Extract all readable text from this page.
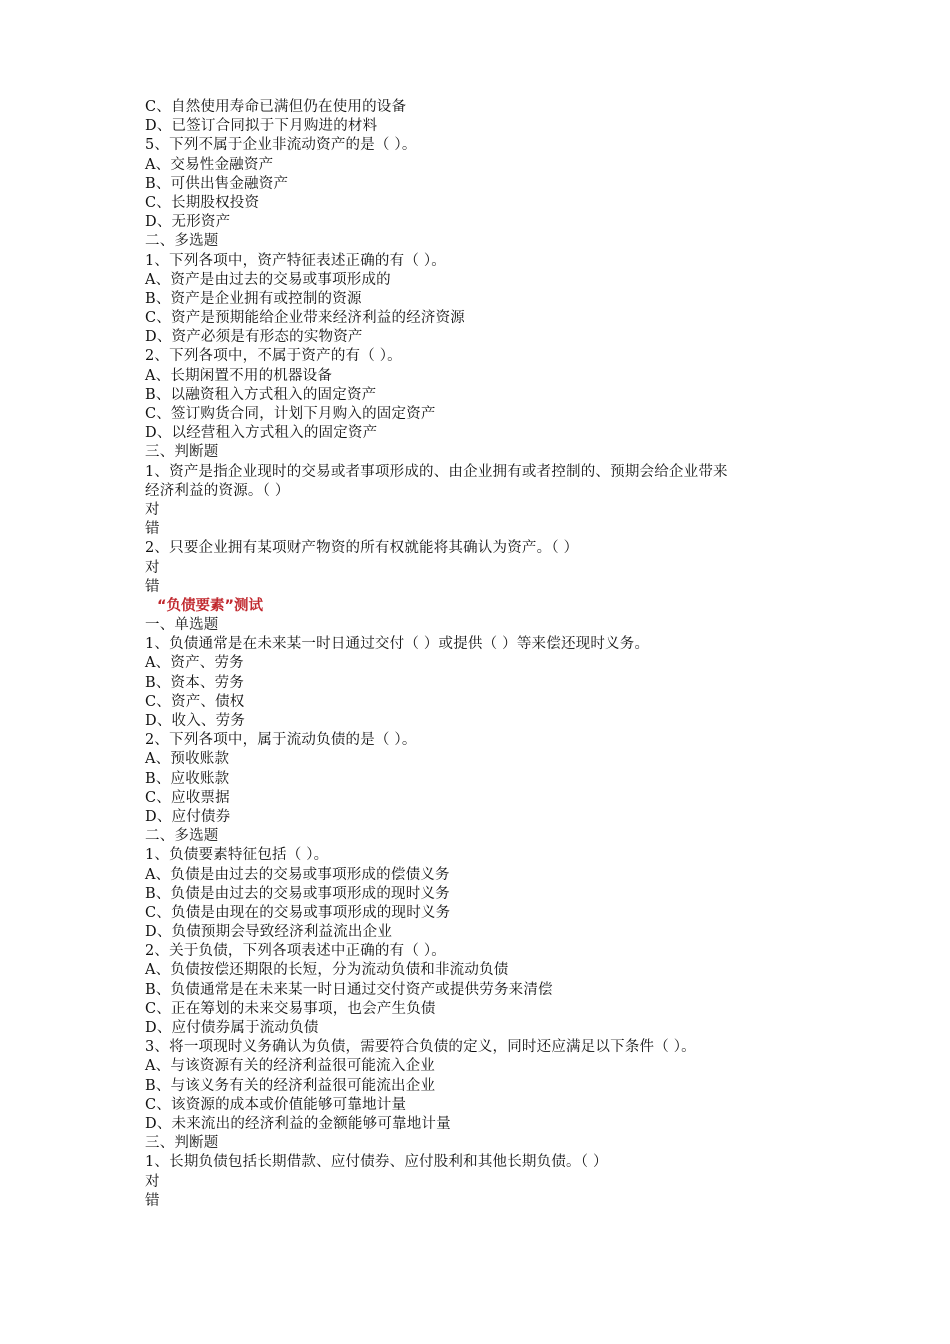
C、自然使用寿命已满但仍在使用的设备
D、已签订合同拟于下月购进的材料
5、下列不属于企业非流动资产的是（ ）。
A、交易性金融资产
B、可供出售金融资产
C、长期股权投资
D、无形资产
二、多选题
1、下列各项中，资产特征表述正确的有（ ）。
A、资产是由过去的交易或事项形成的
B、资产是企业拥有或控制的资源
C、资产是预期能给企业带来经济利益的经济资源
D、资产必须是有形态的实物资产
2、下列各项中，不属于资产的有（ ）。
A、长期闲置不用的机器设备
B、以融资租入方式租入的固定资产
C、签订购货合同，计划下月购入的固定资产
D、以经营租入方式租入的固定资产
三、判断题
1、资产是指企业现时的交易或者事项形成的、由企业拥有或者控制的、预期会给企业带来
经济利益的资源。（ ）
对
错
2、只要企业拥有某项财产物资的所有权就能将其确认为资产。（ ）
对
错
“负债要素”测试
一、单选题
1、负债通常是在未来某一时日通过交付（ ）或提供（ ）等来偿还现时义务。
A、资产、劳务
B、资本、劳务
C、资产、债权
D、收入、劳务
2、下列各项中，属于流动负债的是（ ）。
A、预收账款
B、应收账款
C、应收票据
D、应付债券
二、多选题
1、负债要素特征包括（ ）。
A、负债是由过去的交易或事项形成的偿债义务
B、负债是由过去的交易或事项形成的现时义务
C、负债是由现在的交易或事项形成的现时义务
D、负债预期会导致经济利益流出企业
2、关于负债，下列各项表述中正确的有（ ）。
A、负债按偿还期限的长短，分为流动负债和非流动负债
B、负债通常是在未来某一时日通过交付资产或提供劳务来清偿
C、正在筹划的未来交易事项，也会产生负债
D、应付债券属于流动负债
3、将一项现时义务确认为负债，需要符合负债的定义，同时还应满足以下条件（ ）。
A、与该资源有关的经济利益很可能流入企业
B、与该义务有关的经济利益很可能流出企业
C、该资源的成本或价值能够可靠地计量
D、未来流出的经济利益的金额能够可靠地计量
三、判断题
1、长期负债包括长期借款、应付债券、应付股利和其他长期负债。（ ）
对
错
